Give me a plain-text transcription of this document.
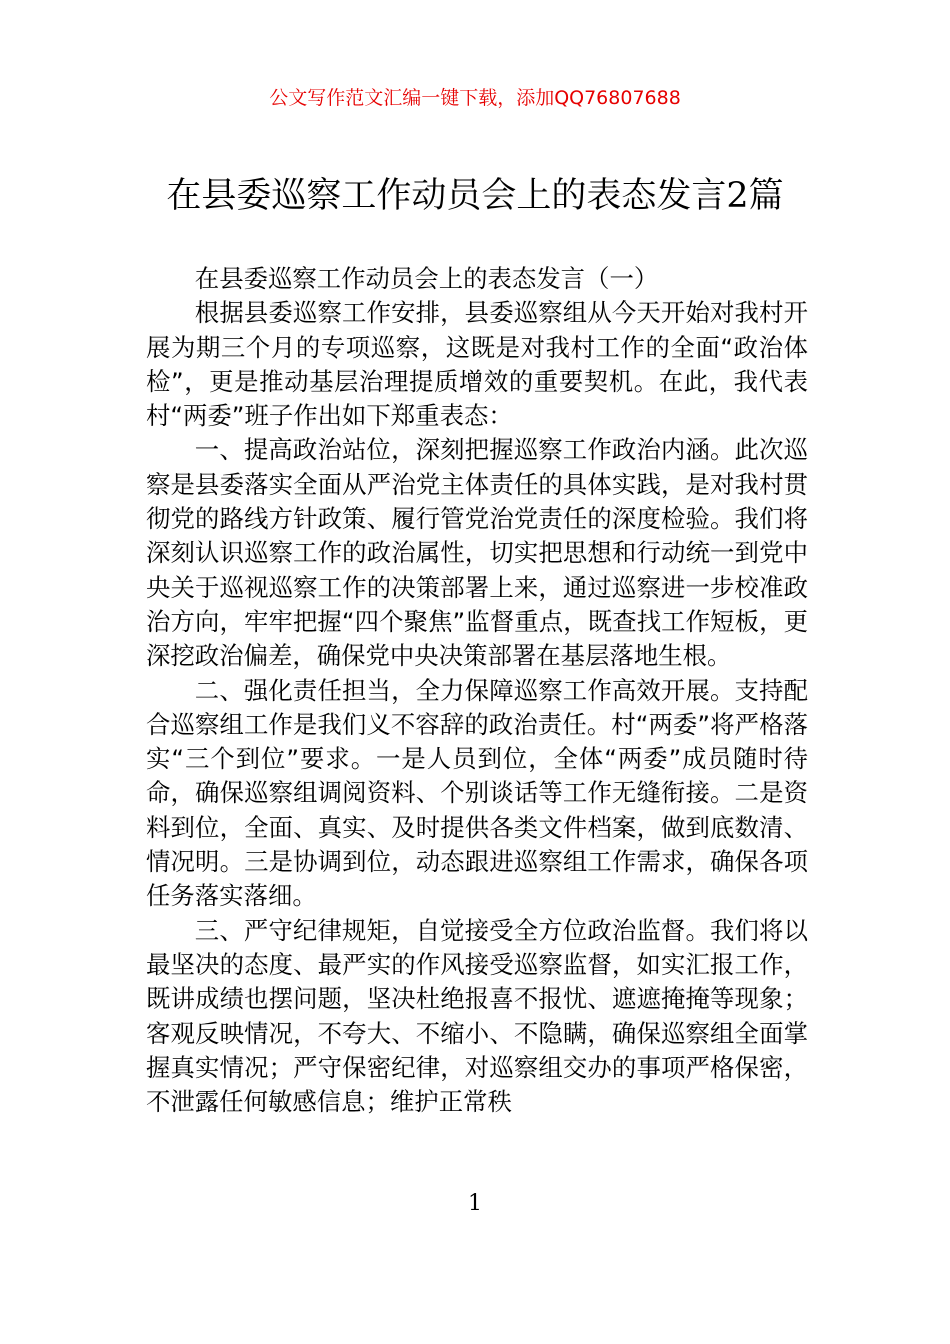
公文写作范文汇编一键下载，添加QQ76807688
在县委巡察工作动员会上的表态发言2篇

在县委巡察工作动员会上的表态发言（一）

根据县委巡察工作安排，县委巡察组从今天开始对我村开展为期三个月的专项巡察，这既是对我村工作的全面“政治体检”，更是推动基层治理提质增效的重要契机。在此，我代表村“两委”班子作出如下郑重表态：

一、提高政治站位，深刻把握巡察工作政治内涵。此次巡察是县委落实全面从严治党主体责任的具体实践，是对我村贯彻党的路线方针政策、履行管党治党责任的深度检验。我们将深刻认识巡察工作的政治属性，切实把思想和行动统一到党中央关于巡视巡察工作的决策部署上来，通过巡察进一步校准政治方向，牢牢把握“四个聚焦”监督重点，既查找工作短板，更深挖政治偏差，确保党中央决策部署在基层落地生根。

二、强化责任担当，全力保障巡察工作高效开展。支持配合巡察组工作是我们义不容辞的政治责任。村“两委”将严格落实“三个到位”要求。一是人员到位，全体“两委”成员随时待命，确保巡察组调阅资料、个别谈话等工作无缝衔接。二是资料到位，全面、真实、及时提供各类文件档案，做到底数清、情况明。三是协调到位，动态跟进巡察组工作需求，确保各项任务落实落细。

三、严守纪律规矩，自觉接受全方位政治监督。我们将以最坚决的态度、最严实的作风接受巡察监督，如实汇报工作，既讲成绩也摆问题，坚决杜绝报喜不报忧、遮遮掩掩等现象；客观反映情况，不夸大、不缩小、不隐瞒，确保巡察组全面掌握真实情况；严守保密纪律，对巡察组交办的事项严格保密，不泄露任何敏感信息；维护正常秩

1
